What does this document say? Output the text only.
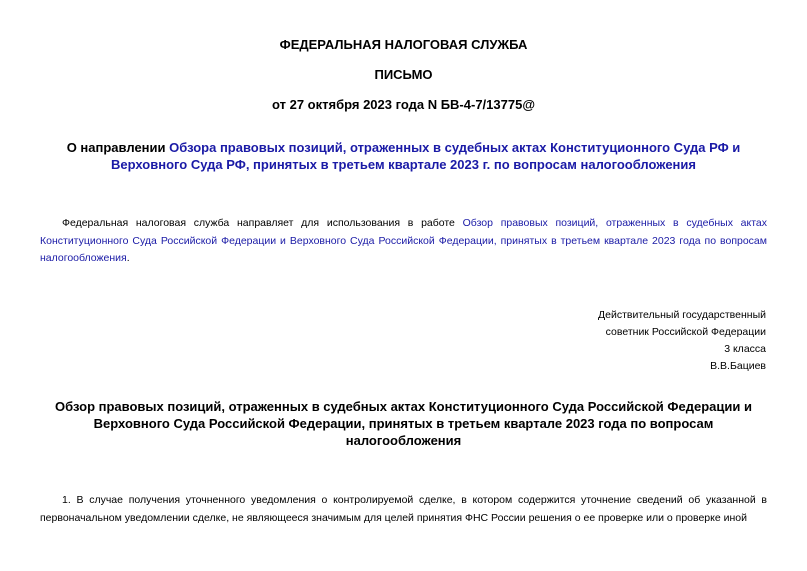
ФЕДЕРАЛЬНАЯ НАЛОГОВАЯ СЛУЖБА
ПИСЬМО
от 27 октября 2023 года N БВ-4-7/13775@
О направлении Обзора правовых позиций, отраженных в судебных актах Конституционного Суда РФ и Верховного Суда РФ, принятых в третьем квартале 2023 г. по вопросам налогообложения
Федеральная налоговая служба направляет для использования в работе Обзор правовых позиций, отраженных в судебных актах Конституционного Суда Российской Федерации и Верховного Суда Российской Федерации, принятых в третьем квартале 2023 года по вопросам налогообложения.
Действительный государственный
советник Российской Федерации
3 класса
В.В.Бациев
Обзор правовых позиций, отраженных в судебных актах Конституционного Суда Российской Федерации и Верховного Суда Российской Федерации, принятых в третьем квартале 2023 года по вопросам налогообложения
1. В случае получения уточненного уведомления о контролируемой сделке, в котором содержится уточнение сведений об указанной в первоначальном уведомлении сделке, не являющееся значимым для целей принятия ФНС России решения о ее проверке или о проверке иной
